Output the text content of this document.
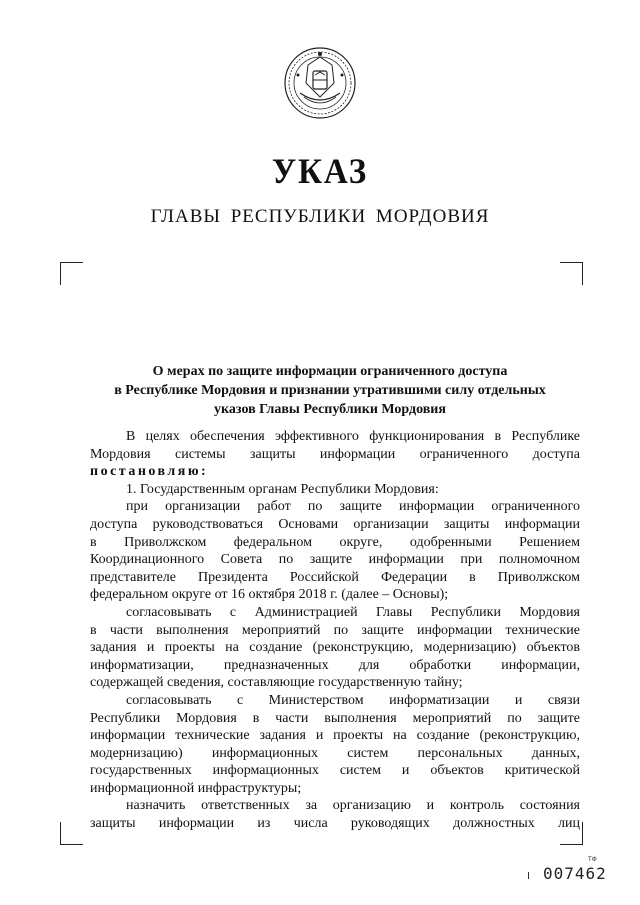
УКАЗ
ГЛАВЫ РЕСПУБЛИКИ МОРДОВИЯ
О мерах по защите информации ограниченного доступа
в Республике Мордовия и признании утратившими силу отдельных
указов Главы Республики Мордовия
В целях обеспечения эффективного функционирования в Республике
Мордовия системы защиты информации ограниченного доступа
постановляю:
1. Государственным органам Республики Мордовия:
при организации работ по защите информации ограниченного
доступа руководствоваться Основами организации защиты информации
в Приволжском федеральном округе, одобренными Решением
Координационного Совета по защите информации при полномочном
представителе Президента Российской Федерации в Приволжском
федеральном округе от 16 октября 2018 г. (далее – Основы);
согласовывать с Администрацией Главы Республики Мордовия
в части выполнения мероприятий по защите информации технические
задания и проекты на создание (реконструкцию, модернизацию) объектов
информатизации, предназначенных для обработки информации,
содержащей сведения, составляющие государственную тайну;
согласовывать с Министерством информатизации и связи
Республики Мордовия в части выполнения мероприятий по защите
информации технические задания и проекты на создание (реконструкцию,
модернизацию) информационных систем персональных данных,
государственных информационных систем и объектов критической
информационной инфраструктуры;
назначить ответственных за организацию и контроль состояния
защиты информации из числа руководящих должностных лиц
ТФ
007462
